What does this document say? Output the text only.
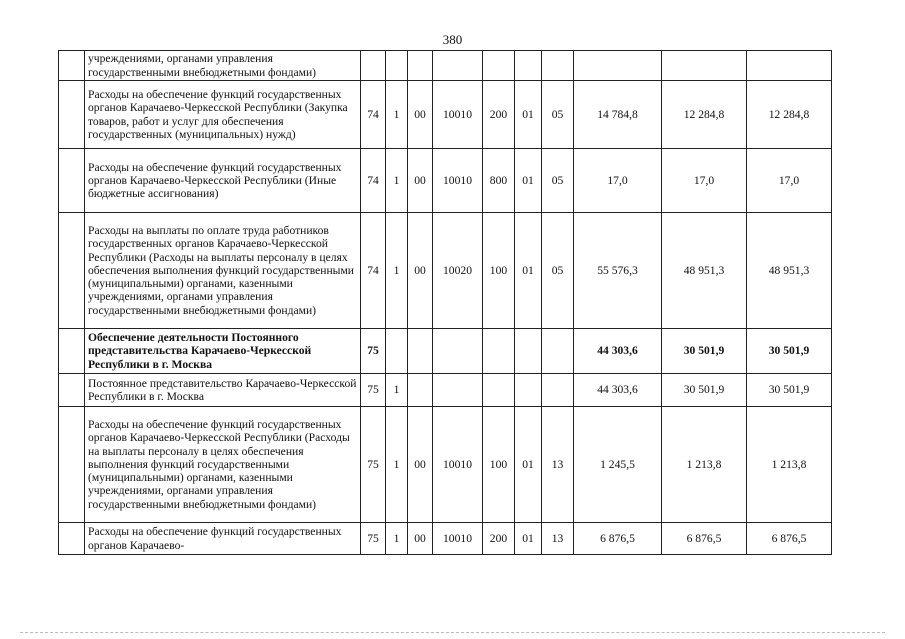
380
	учреждениями, органами управления государственными внебюджетными фондами)										
	Расходы на обеспечение функций государственных органов Карачаево-Черкесской Республики (Закупка товаров, работ и услуг для обеспечения государственных (муниципальных) нужд)	74	1	00	10010	200	01	05	14 784,8	12 284,8	12 284,8
	Расходы на обеспечение функций государственных органов Карачаево-Черкесской Республики (Иные бюджетные ассигнования)	74	1	00	10010	800	01	05	17,0	17,0	17,0
	Расходы на выплаты по оплате труда работников государственных органов Карачаево-Черкесской Республики (Расходы на выплаты персоналу в целях обеспечения выполнения функций государственными (муниципальными) органами, казенными учреждениями, органами управления государственными внебюджетными фондами)	74	1	00	10020	100	01	05	55 576,3	48 951,3	48 951,3
	Обеспечение деятельности Постоянного представительства Карачаево-Черкесской Республики в г. Москва	75							44 303,6	30 501,9	30 501,9
	Постоянное представительство Карачаево-Черкесской Республики в г. Москва	75	1						44 303,6	30 501,9	30 501,9
	Расходы на обеспечение функций государственных органов Карачаево-Черкесской Республики (Расходы на выплаты персоналу в целях обеспечения выполнения функций государственными (муниципальными) органами, казенными учреждениями, органами управления государственными внебюджетными фондами)	75	1	00	10010	100	01	13	1 245,5	1 213,8	1 213,8
	Расходы на обеспечение функций государственных органов Карачаево-	75	1	00	10010	200	01	13	6 876,5	6 876,5	6 876,5
